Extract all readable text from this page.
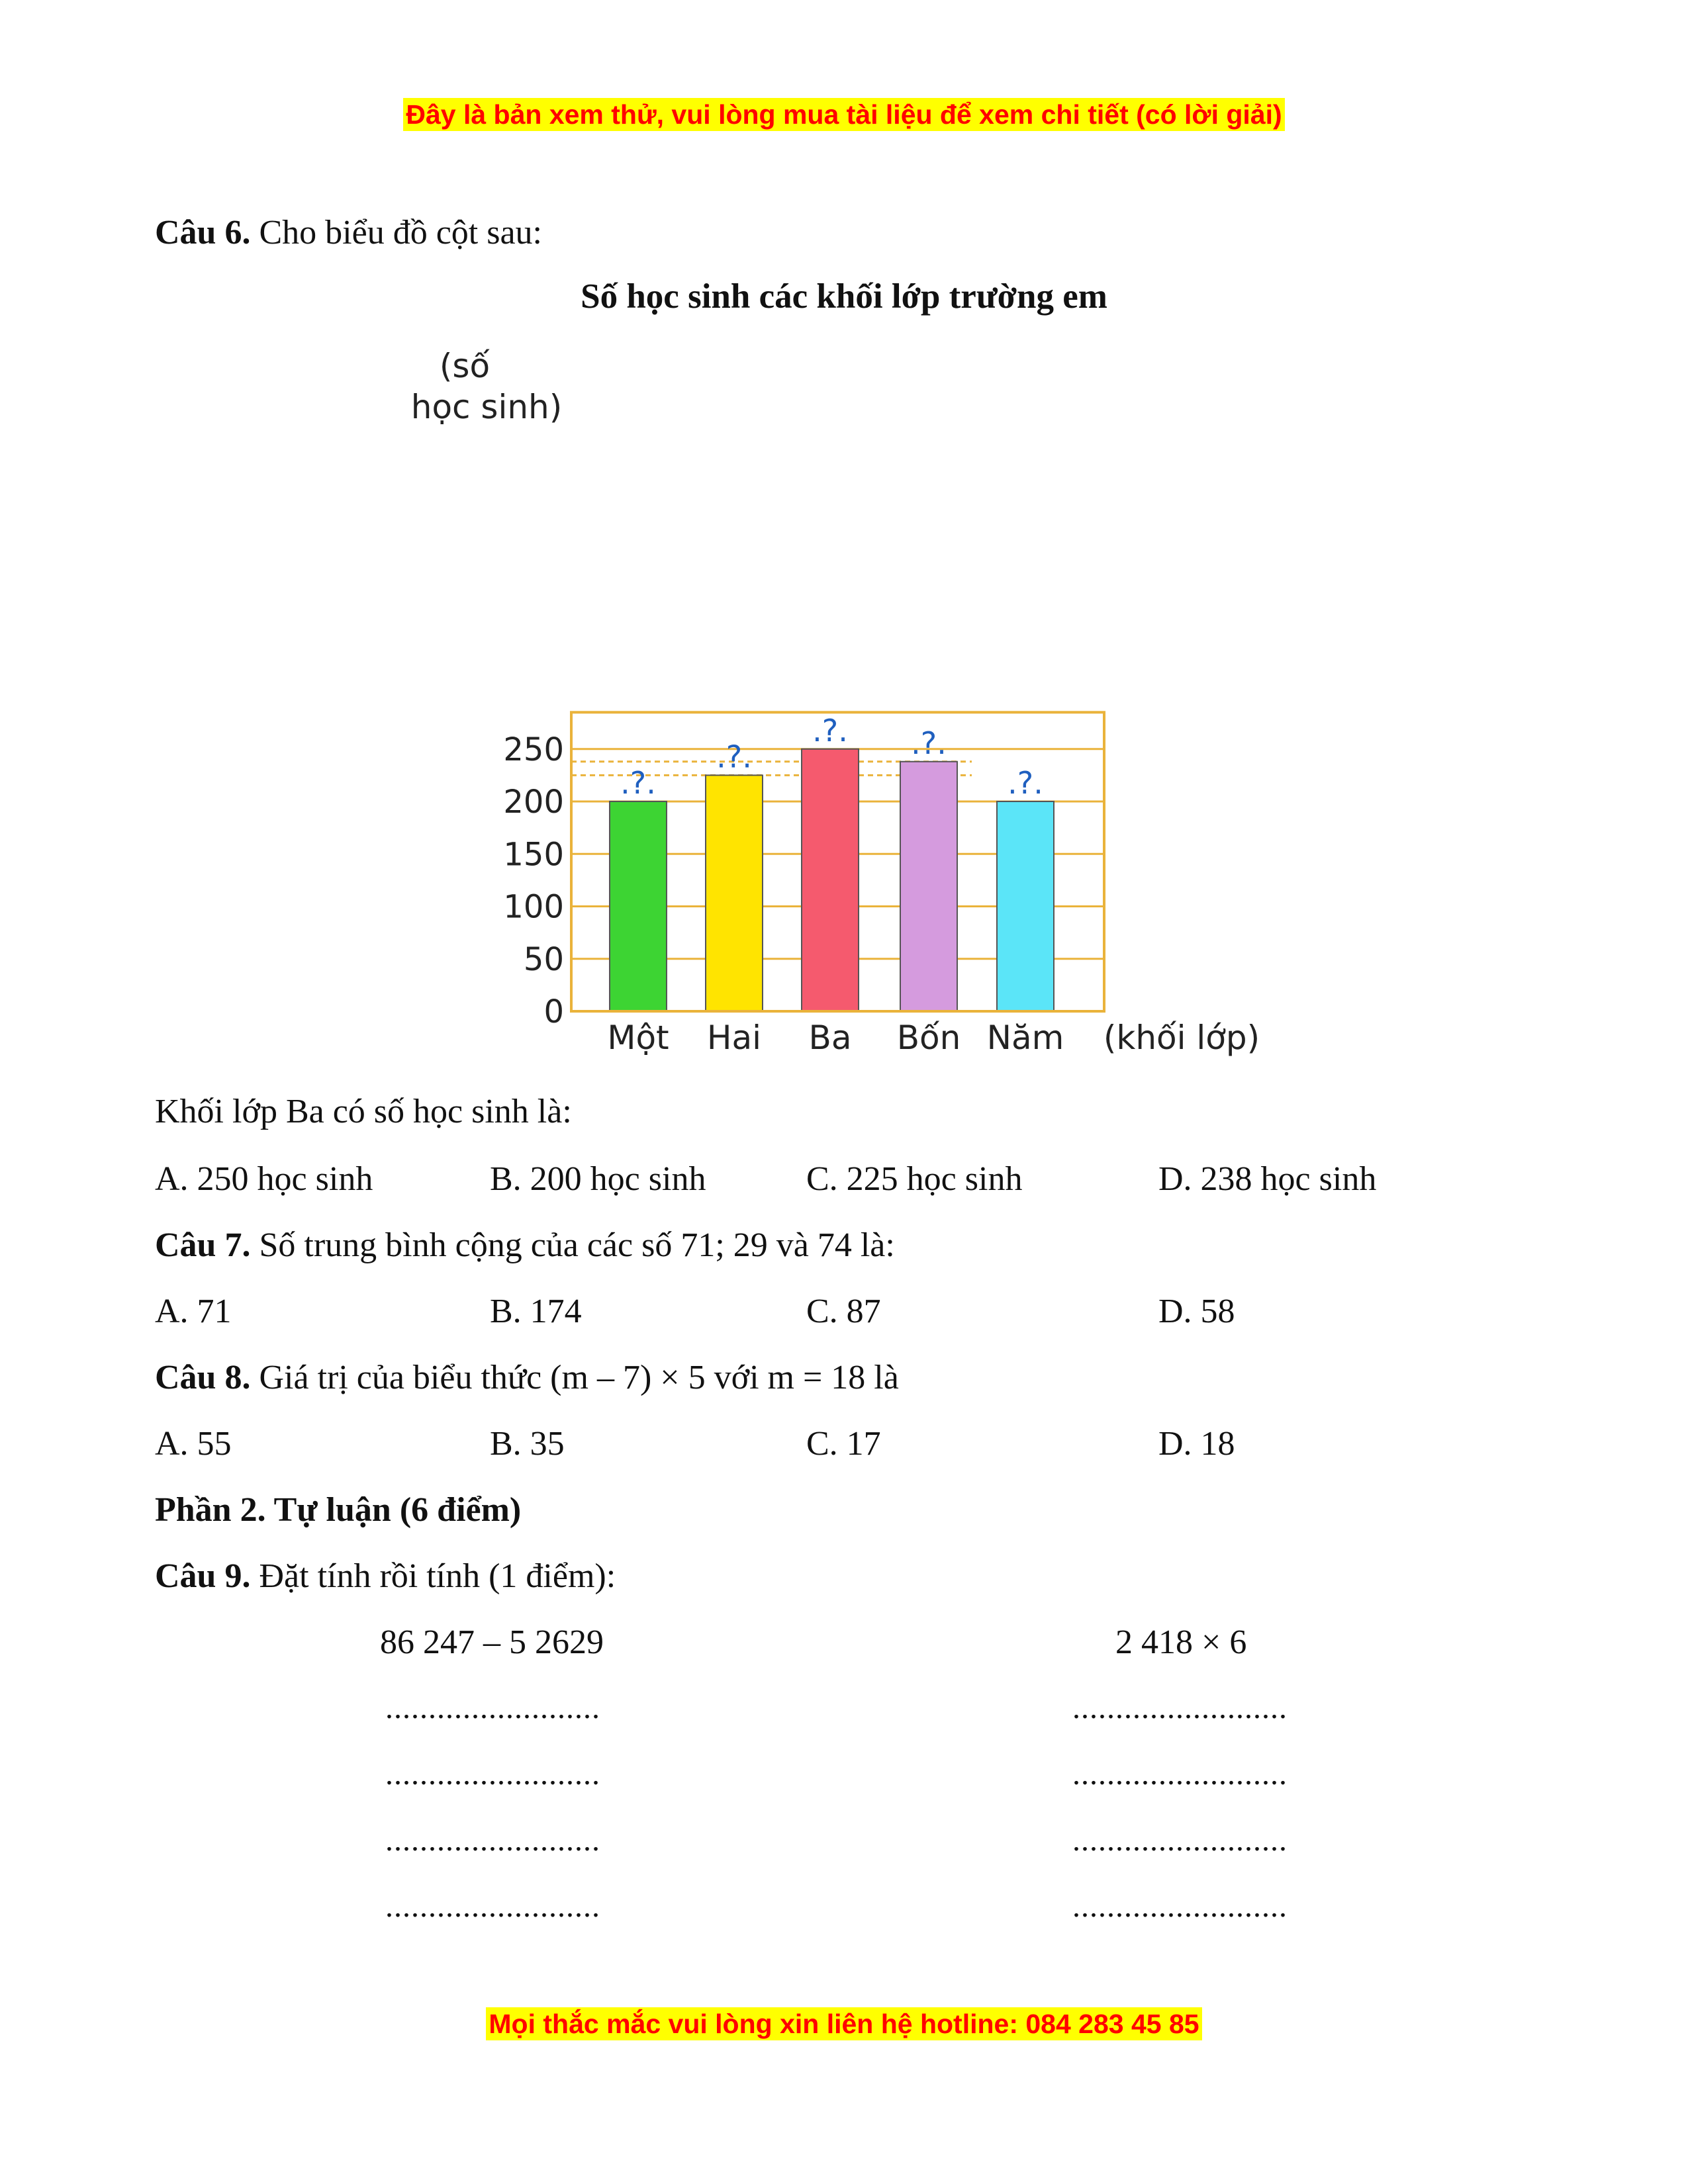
Đây là bản xem thử, vui lòng mua tài liệu để xem chi tiết (có lời giải)
Câu 6. Cho biểu đồ cột sau:
Số học sinh các khối lớp trường em
0
50
100
150
200
250
Một Hai Ba Bốn Năm
.?.
.?.
.?. .?.
.?.
(số
học sinh)
(khối lớp)
Khối lớp Ba có số học sinh là:
A. 250 học sinh	B. 200 học sinh	C. 225 học sinh	D. 238 học sinh
Câu 7. Số trung bình cộng của các số 71; 29 và 74 là:
A. 71	B. 174	C. 87	D. 58
Câu 8. Giá trị của biểu thức (m – 7) × 5 với m = 18 là
A. 55	B. 35	C. 17	D. 18
Phần 2. Tự luận (6 điểm)
Câu 9. Đặt tính rồi tính (1 điểm):
86 247 – 5 2629	2 418 × 6
.........................
.........................
.........................
.........................
.........................
.........................
.........................
.........................
Mọi thắc mắc vui lòng xin liên hệ hotline: 084 283 45 85
